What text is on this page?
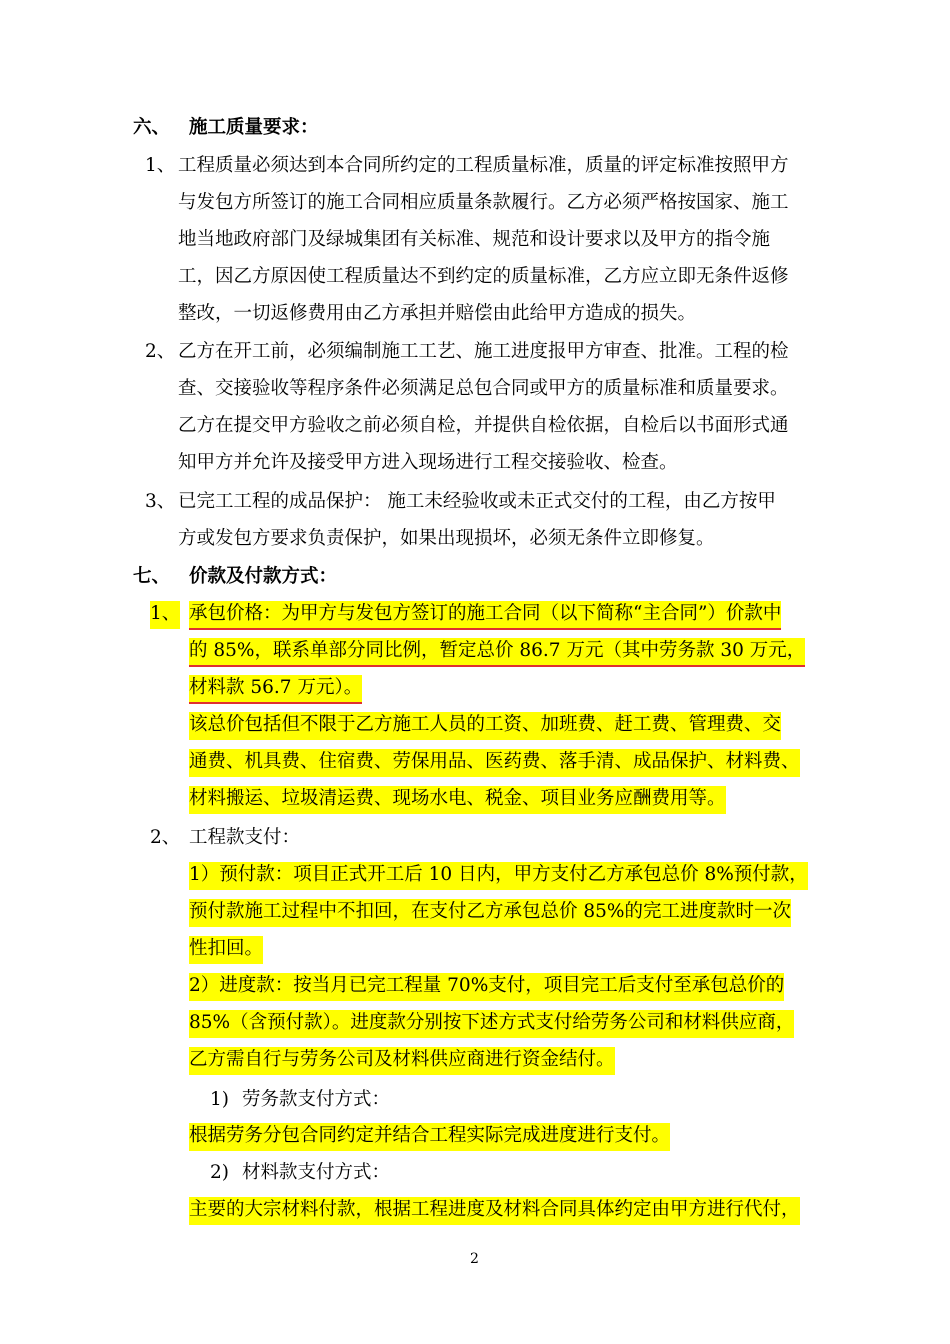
六、 施工质量要求：
1、 工程质量必须达到本合同所约定的工程质量标准，质量的评定标准按照甲方
与发包方所签订的施工合同相应质量条款履行。乙方必须严格按国家、施工
地当地政府部门及绿城集团有关标准、规范和设计要求以及甲方的指令施
工，因乙方原因使工程质量达不到约定的质量标准，乙方应立即无条件返修
整改，一切返修费用由乙方承担并赔偿由此给甲方造成的损失。
2、 乙方在开工前，必须编制施工工艺、施工进度报甲方审查、批准。工程的检
查、交接验收等程序条件必须满足总包合同或甲方的质量标准和质量要求。
乙方在提交甲方验收之前必须自检，并提供自检依据，自检后以书面形式通
知甲方并允许及接受甲方进入现场进行工程交接验收、检查。
3、 已完工工程的成品保护： 施工未经验收或未正式交付的工程，由乙方按甲
方或发包方要求负责保护，如果出现损坏，必须无条件立即修复。
七、 价款及付款方式：
1、 承包价格：为甲方与发包方签订的施工合同（以下简称“主合同”）价款中
的 85%，联系单部分同比例，暂定总价 86.7 万元（其中劳务款 30 万元，
材料款 56.7 万元）。
该总价包括但不限于乙方施工人员的工资、加班费、赶工费、管理费、交
通费、机具费、住宿费、劳保用品、医药费、落手清、成品保护、材料费、
材料搬运、垃圾清运费、现场水电、税金、项目业务应酬费用等。
2、 工程款支付：
1）预付款：项目正式开工后 10 日内，甲方支付乙方承包总价 8%预付款，
预付款施工过程中不扣回，在支付乙方承包总价 85%的完工进度款时一次
性扣回。
2）进度款：按当月已完工程量 70%支付，项目完工后支付至承包总价的
85%（含预付款）。进度款分别按下述方式支付给劳务公司和材料供应商，
乙方需自行与劳务公司及材料供应商进行资金结付。
1) 劳务款支付方式：
根据劳务分包合同约定并结合工程实际完成进度进行支付。
2) 材料款支付方式：
主要的大宗材料付款，根据工程进度及材料合同具体约定由甲方进行代付，
2
